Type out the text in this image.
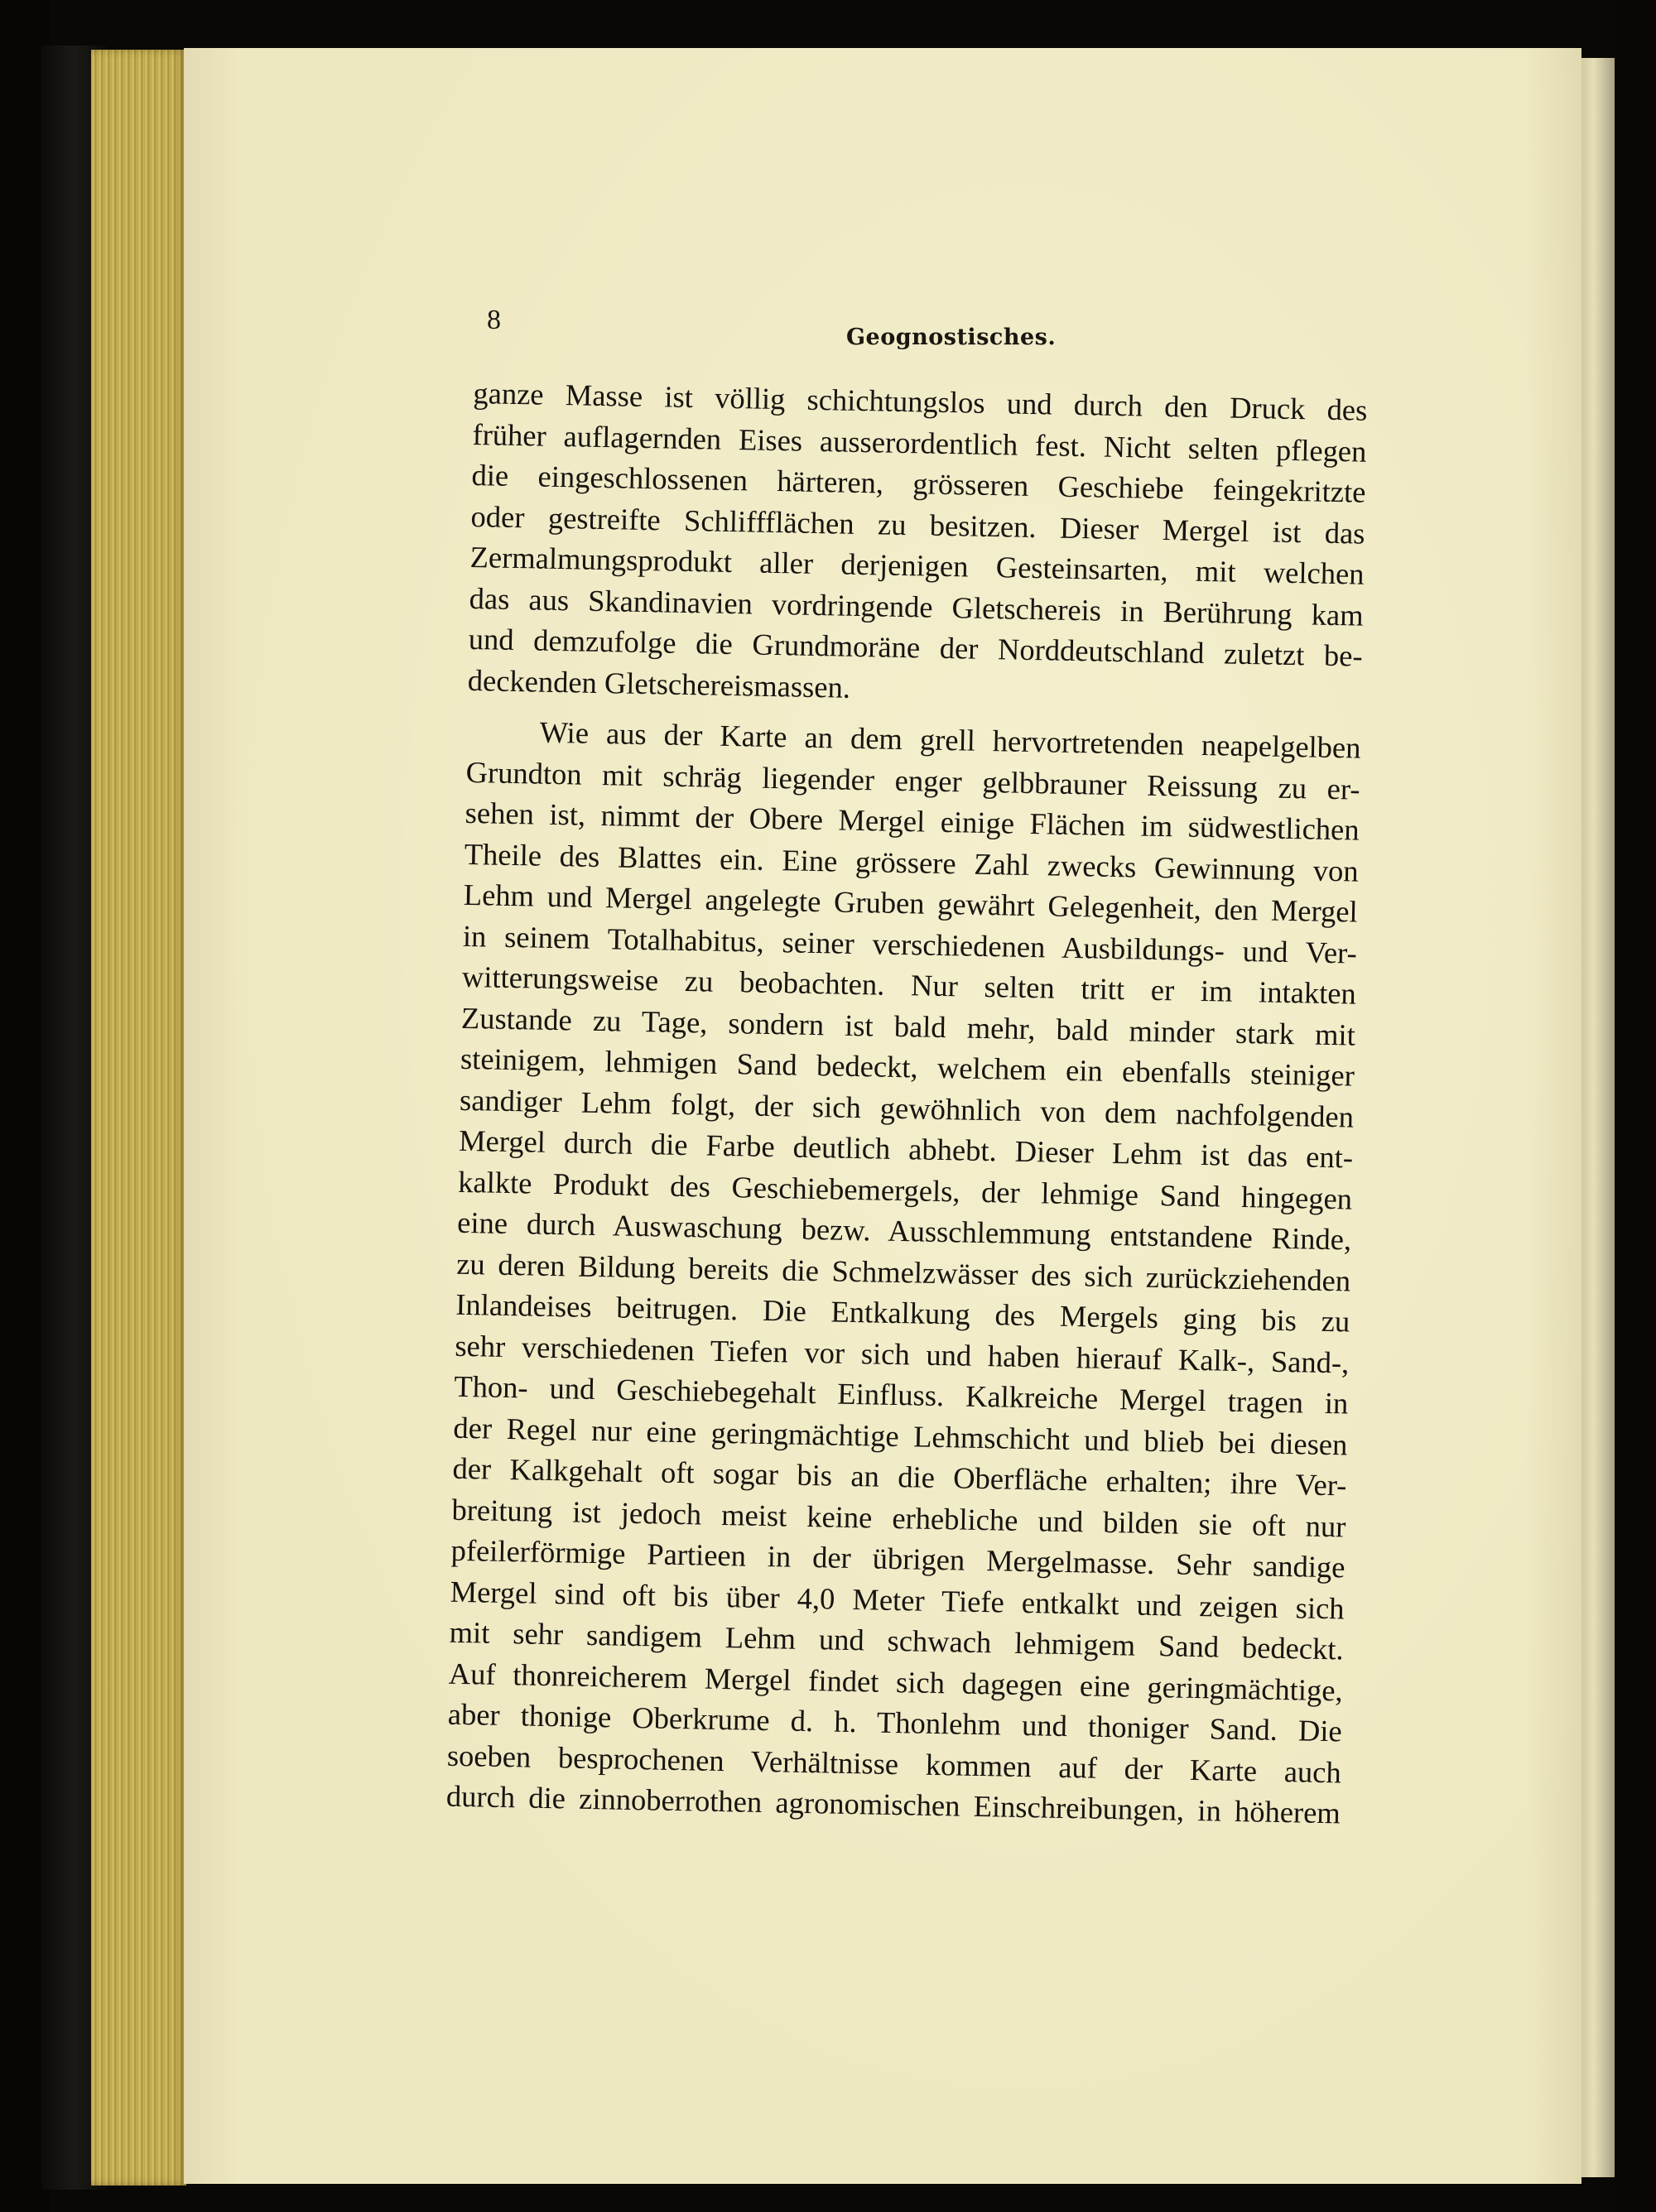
8
Geognostisches.
ganze Masse ist völlig schichtungslos und durch den Druck des
früher auflagernden Eises ausserordentlich fest. Nicht selten pflegen
die eingeschlossenen härteren, grösseren Geschiebe feingekritzte
oder gestreifte Schliffflächen zu besitzen. Dieser Mergel ist das
Zermalmungsprodukt aller derjenigen Gesteinsarten, mit welchen
das aus Skandinavien vordringende Gletschereis in Berührung kam
und demzufolge die Grundmoräne der Norddeutschland zuletzt be-
deckenden Gletschereismassen.
Wie aus der Karte an dem grell hervortretenden neapelgelben
Grundton mit schräg liegender enger gelbbrauner Reissung zu er-
sehen ist, nimmt der Obere Mergel einige Flächen im südwestlichen
Theile des Blattes ein. Eine grössere Zahl zwecks Gewinnung von
Lehm und Mergel angelegte Gruben gewährt Gelegenheit, den Mergel
in seinem Totalhabitus, seiner verschiedenen Ausbildungs- und Ver-
witterungsweise zu beobachten. Nur selten tritt er im intakten
Zustande zu Tage, sondern ist bald mehr, bald minder stark mit
steinigem, lehmigen Sand bedeckt, welchem ein ebenfalls steiniger
sandiger Lehm folgt, der sich gewöhnlich von dem nachfolgenden
Mergel durch die Farbe deutlich abhebt. Dieser Lehm ist das ent-
kalkte Produkt des Geschiebemergels, der lehmige Sand hingegen
eine durch Auswaschung bezw. Ausschlemmung entstandene Rinde,
zu deren Bildung bereits die Schmelzwässer des sich zurückziehenden
Inlandeises beitrugen. Die Entkalkung des Mergels ging bis zu
sehr verschiedenen Tiefen vor sich und haben hierauf Kalk-, Sand-,
Thon- und Geschiebegehalt Einfluss. Kalkreiche Mergel tragen in
der Regel nur eine geringmächtige Lehmschicht und blieb bei diesen
der Kalkgehalt oft sogar bis an die Oberfläche erhalten; ihre Ver-
breitung ist jedoch meist keine erhebliche und bilden sie oft nur
pfeilerförmige Partieen in der übrigen Mergelmasse. Sehr sandige
Mergel sind oft bis über 4,0 Meter Tiefe entkalkt und zeigen sich
mit sehr sandigem Lehm und schwach lehmigem Sand bedeckt.
Auf thonreicherem Mergel findet sich dagegen eine geringmächtige,
aber thonige Oberkrume d. h. Thonlehm und thoniger Sand. Die
soeben besprochenen Verhältnisse kommen auf der Karte auch
durch die zinnoberrothen agronomischen Einschreibungen, in höherem
